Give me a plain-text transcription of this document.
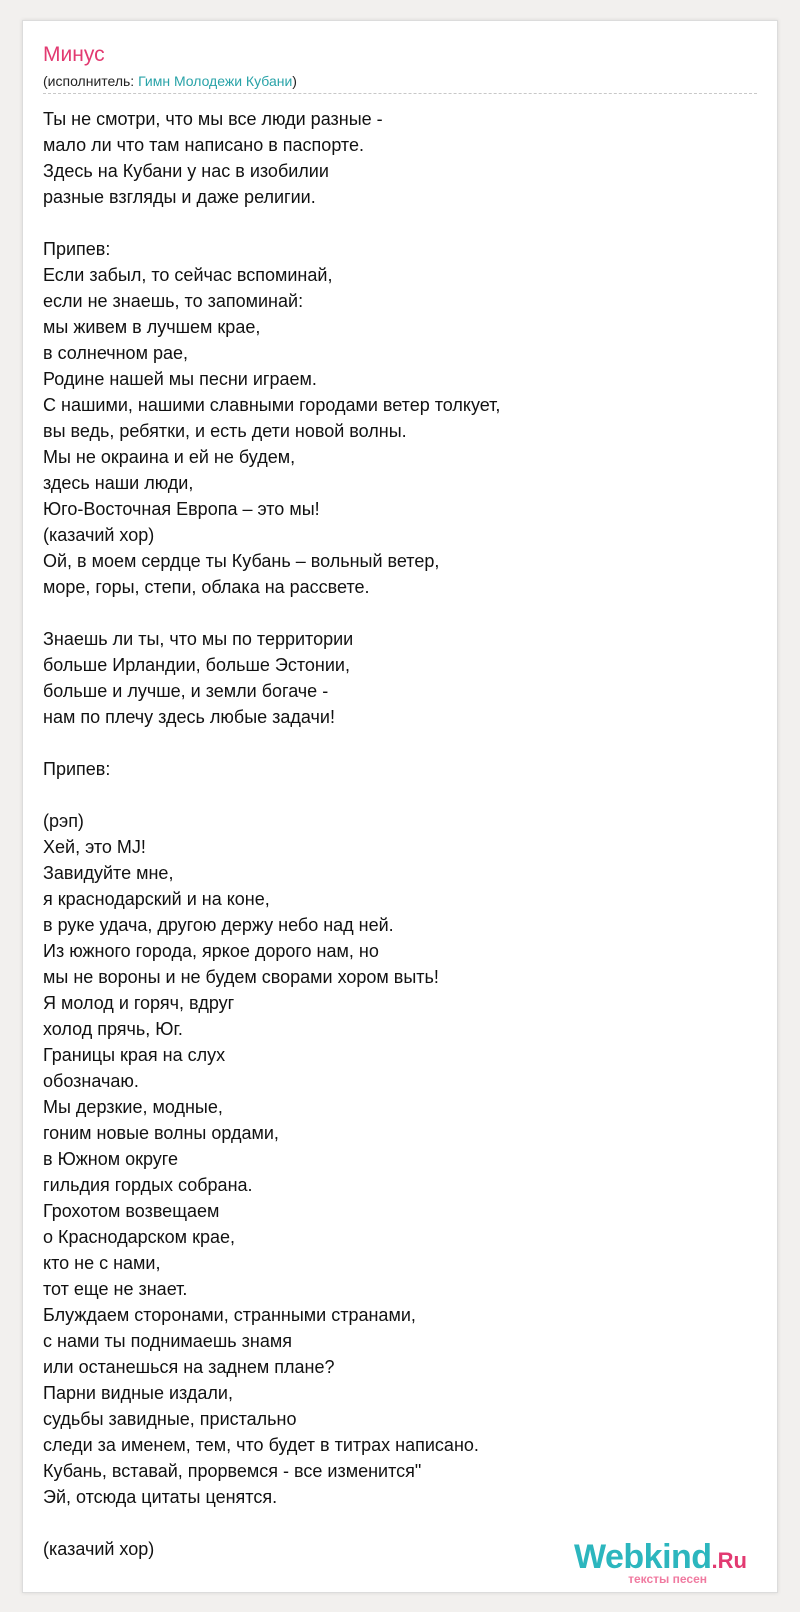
Минус
(исполнитель: Гимн Молодежи Кубани)
Ты не смотри, что мы все люди разные -
мало ли что там написано в паспорте.
Здесь на Кубани у нас в изобилии
разные взгляды и даже религии.
Припев:
Если забыл, то сейчас вспоминай,
если не знаешь, то запоминай:
мы живем в лучшем крае,
в солнечном рае,
Родине нашей мы песни играем.
С нашими, нашими славными городами ветер толкует,
вы ведь, ребятки, и есть дети новой волны.
Мы не окраина и ей не будем,
здесь наши люди,
Юго-Восточная Европа – это мы!
(казачий хор)
Ой, в моем сердце ты Кубань – вольный ветер,
море, горы, степи, облака на рассвете.
Знаешь ли ты, что мы по территории
больше Ирландии, больше Эстонии,
больше и лучше, и земли богаче -
нам по плечу здесь любые задачи!
Припев:
(рэп)
Хей, это MJ!
Завидуйте мне,
я краснодарский и на коне,
в руке удача, другою держу небо над ней.
Из южного города, яркое дорого нам, но
мы не вороны и не будем сворами хором выть!
Я молод и горяч, вдруг
холод прячь, Юг.
Границы края на слух
обозначаю.
Мы дерзкие, модные,
гоним новые волны ордами,
в Южном округе
гильдия гордых собрана.
Грохотом возвещаем
о Краснодарском крае,
кто не с нами,
тот еще не знает.
Блуждаем сторонами, странными странами,
с нами ты поднимаешь знамя
или останешься на заднем плане?
Парни видные издали,
судьбы завидные, пристально
следи за именем, тем, что будет в титрах написано.
Кубань, вставай, прорвемся - все изменится"
Эй, отсюда цитаты ценятся.
(казачий хор)	Webkind.Ru
тексты песен
